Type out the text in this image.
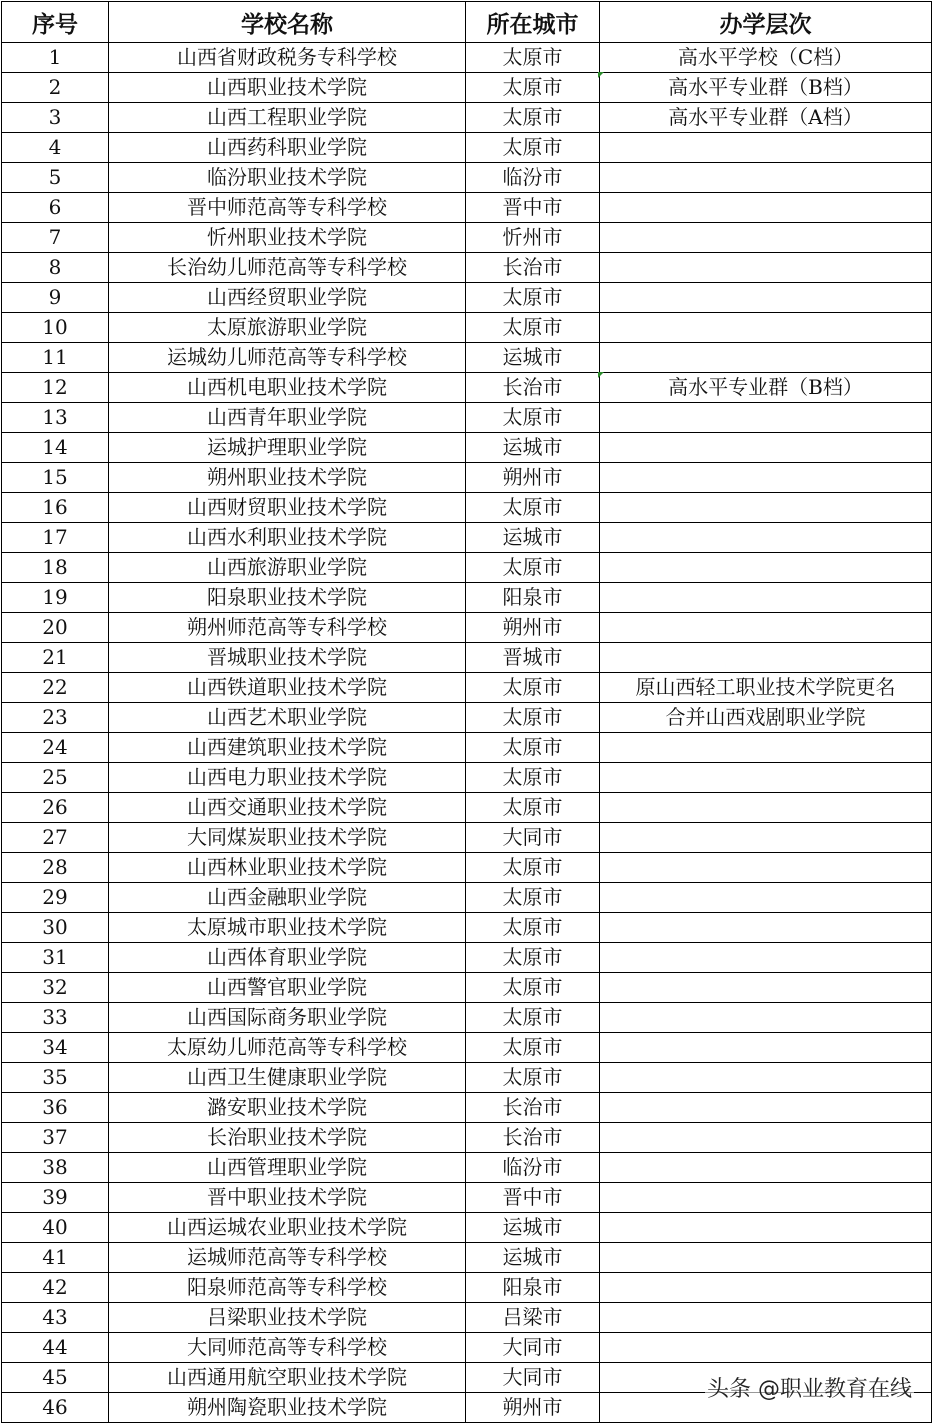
序号	学校名称	所在城市	办学层次
1	山西省财政税务专科学校	太原市	高水平学校（C档）
2	山西职业技术学院	太原市	高水平专业群（B档）
3	山西工程职业学院	太原市	高水平专业群（A档）
4	山西药科职业学院	太原市	
5	临汾职业技术学院	临汾市	
6	晋中师范高等专科学校	晋中市	
7	忻州职业技术学院	忻州市	
8	长治幼儿师范高等专科学校	长治市	
9	山西经贸职业学院	太原市	
10	太原旅游职业学院	太原市	
11	运城幼儿师范高等专科学校	运城市	
12	山西机电职业技术学院	长治市	高水平专业群（B档）
13	山西青年职业学院	太原市	
14	运城护理职业学院	运城市	
15	朔州职业技术学院	朔州市	
16	山西财贸职业技术学院	太原市	
17	山西水利职业技术学院	运城市	
18	山西旅游职业学院	太原市	
19	阳泉职业技术学院	阳泉市	
20	朔州师范高等专科学校	朔州市	
21	晋城职业技术学院	晋城市	
22	山西铁道职业技术学院	太原市	原山西轻工职业技术学院更名
23	山西艺术职业学院	太原市	合并山西戏剧职业学院
24	山西建筑职业技术学院	太原市	
25	山西电力职业技术学院	太原市	
26	山西交通职业技术学院	太原市	
27	大同煤炭职业技术学院	大同市	
28	山西林业职业技术学院	太原市	
29	山西金融职业学院	太原市	
30	太原城市职业技术学院	太原市	
31	山西体育职业学院	太原市	
32	山西警官职业学院	太原市	
33	山西国际商务职业学院	太原市	
34	太原幼儿师范高等专科学校	太原市	
35	山西卫生健康职业学院	太原市	
36	潞安职业技术学院	长治市	
37	长治职业技术学院	长治市	
38	山西管理职业学院	临汾市	
39	晋中职业技术学院	晋中市	
40	山西运城农业职业技术学院	运城市	
41	运城师范高等专科学校	运城市	
42	阳泉师范高等专科学校	阳泉市	
43	吕梁职业技术学院	吕梁市	
44	大同师范高等专科学校	大同市	
45	山西通用航空职业技术学院	大同市	
46	朔州陶瓷职业技术学院	朔州市	
头条 @职业教育在线
